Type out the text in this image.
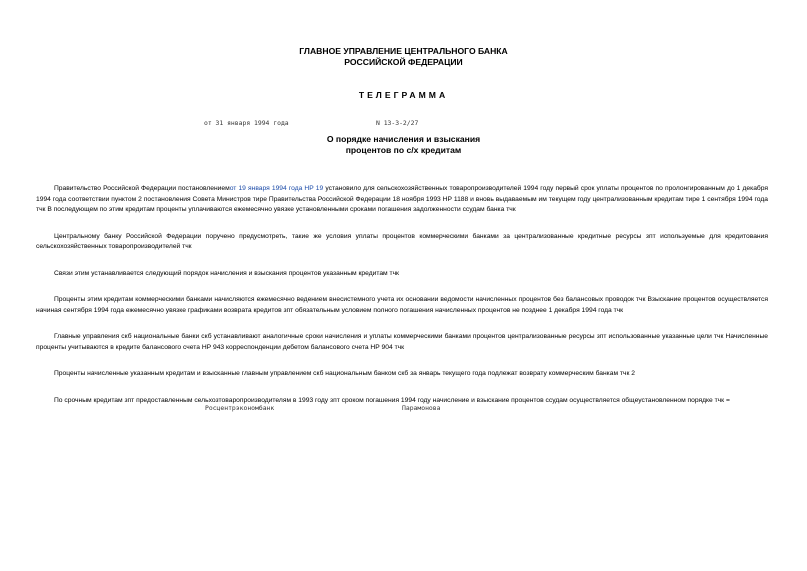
ГЛАВНОЕ УПРАВЛЕНИЕ ЦЕНТРАЛЬНОГО БАНКА
РОССИЙСКОЙ ФЕДЕРАЦИИ
ТЕЛЕГРАММА
от 31 января 1994 года	N 13-3-2/27
О порядке начисления и взыскания
процентов по с/х кредитам

Правительство Российской Федерации постановлениемот 19 января 1994 года НР 19 установило для сельскохозяйственных товаропроизводителей 1994 году первый срок уплаты процентов по пролонгированным до 1 декабря 1994 года соответствии пунктом 2 постановления Совета Министров тире Правительства Российской Федерации 18 ноября 1993 НР 1188 и вновь выдаваемым им текущем году централизованным кредитам тире 1 сентября 1994 года тчк В последующем по этим кредитам проценты уплачиваются ежемесячно увязке установленными сроками погашения задолженности ссудам банка тчк

Центральному банку Российской Федерации поручено предусмотреть, такие же условия уплаты процентов коммерческими банками за централизованные кредитные ресурсы зпт используемые для кредитования сельскохозяйственных товаропроизводителей тчк

Связи этим устанавливается следующий порядок начисления и взыскания процентов указанным кредитам тчк

Проценты этим кредитам коммерческими банками начисляются ежемесячно ведением внесистемного учета их основании ведомости начисленных процентов без балансовых проводок тчк Взыскание процентов осуществляется начиная сентября 1994 года ежемесячно увязке графиками возврата кредитов зпт обязательным условием полного погашения начисленных процентов не позднее 1 декабря 1994 года тчк

Главные управления скб национальные банки скб устанавливают аналогичные сроки начисления и уплаты коммерческими банками процентов централизованные ресурсы зпт использованные указанные цели тчк Начисленные проценты учитываются в кредите балансового счета НР 943 корреспонденции дебетом балансового счета НР 904 тчк

Проценты начисленные указанным кредитам и взысканные главным управлением скб национальным банком скб за январь текущего года подлежат возврату коммерческим банкам тчк 2

По срочным кредитам зпт предоставленным сельхозтоваропроизводителям в 1993 году зпт сроком погашения 1994 году начисление и взыскание процентов ссудам осуществляется общеустановленном порядке тчк =

Росцентрэкономбанк	Парамонова
